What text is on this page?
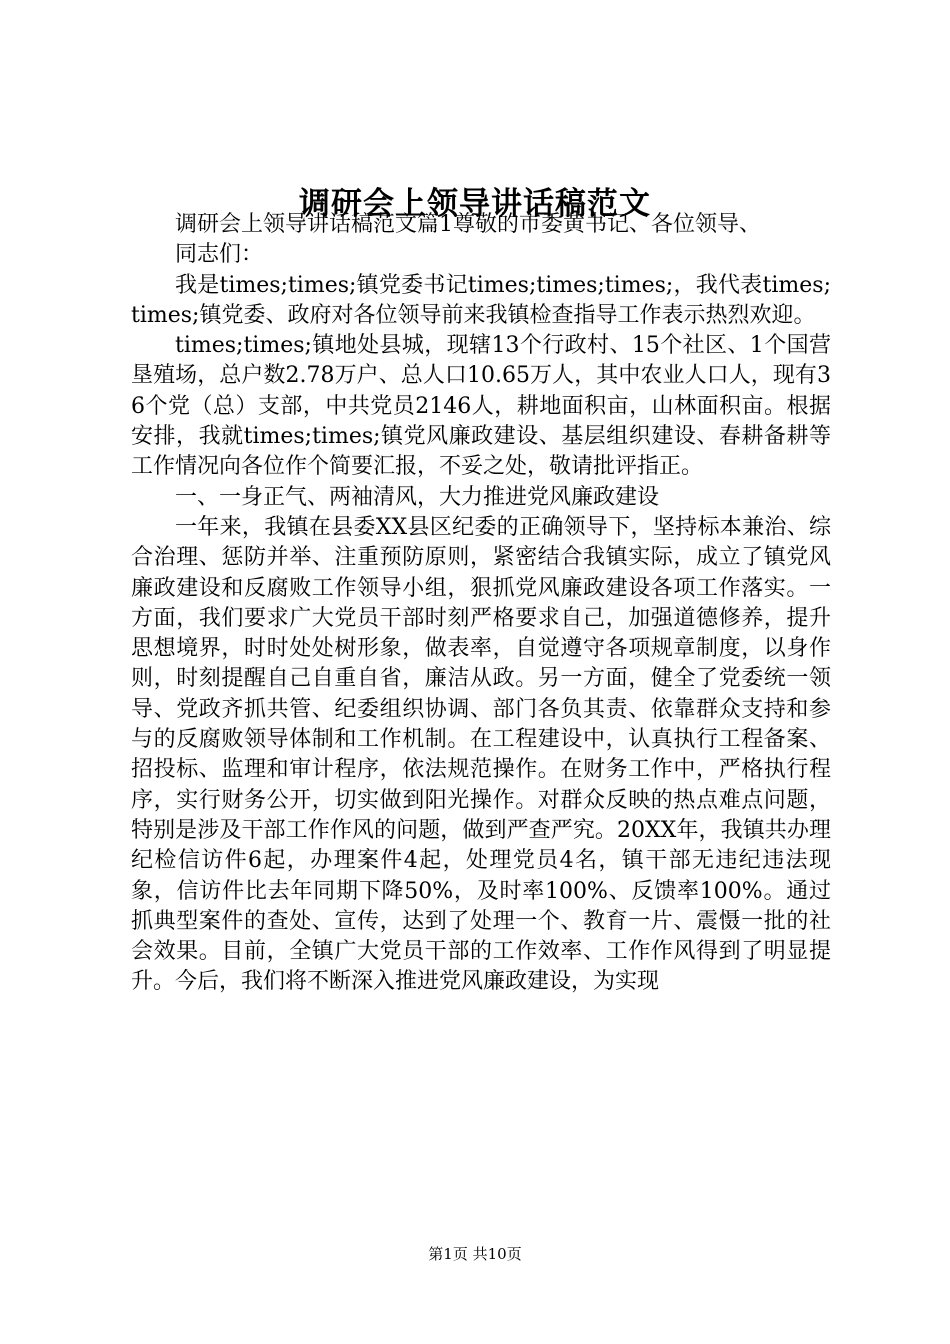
调研会上领导讲话稿范文

调研会上领导讲话稿范文篇1尊敬的市委黄书记、各位领导、

同志们：

我是times;times;镇党委书记times;times;times;，我代表times;times;镇党委、政府对各位领导前来我镇检查指导工作表示热烈欢迎。

times;times;镇地处县城，现辖13个行政村、15个社区、1个国营垦殖场，总户数2.78万户、总人口10.65万人，其中农业人口人，现有36个党（总）支部，中共党员2146人，耕地面积亩，山林面积亩。根据安排，我就times;times;镇党风廉政建设、基层组织建设、春耕备耕等工作情况向各位作个简要汇报，不妥之处，敬请批评指正。

一、一身正气、两袖清风，大力推进党风廉政建设

一年来，我镇在县委XX县区纪委的正确领导下，坚持标本兼治、综合治理、惩防并举、注重预防原则，紧密结合我镇实际，成立了镇党风廉政建设和反腐败工作领导小组，狠抓党风廉政建设各项工作落实。一方面，我们要求广大党员干部时刻严格要求自己，加强道德修养，提升思想境界，时时处处树形象，做表率，自觉遵守各项规章制度，以身作则，时刻提醒自己自重自省，廉洁从政。另一方面，健全了党委统一领导、党政齐抓共管、纪委组织协调、部门各负其责、依靠群众支持和参与的反腐败领导体制和工作机制。在工程建设中，认真执行工程备案、招投标、监理和审计程序，依法规范操作。在财务工作中，严格执行程序，实行财务公开，切实做到阳光操作。对群众反映的热点难点问题，特别是涉及干部工作作风的问题，做到严查严究。20XX年，我镇共办理纪检信访件6起，办理案件4起，处理党员4名，镇干部无违纪违法现象，信访件比去年同期下降50%，及时率100%、反馈率100%。通过抓典型案件的查处、宣传，达到了处理一个、教育一片、震慑一批的社会效果。目前，全镇广大党员干部的工作效率、工作作风得到了明显提升。今后，我们将不断深入推进党风廉政建设，为实现

第1页 共10页
